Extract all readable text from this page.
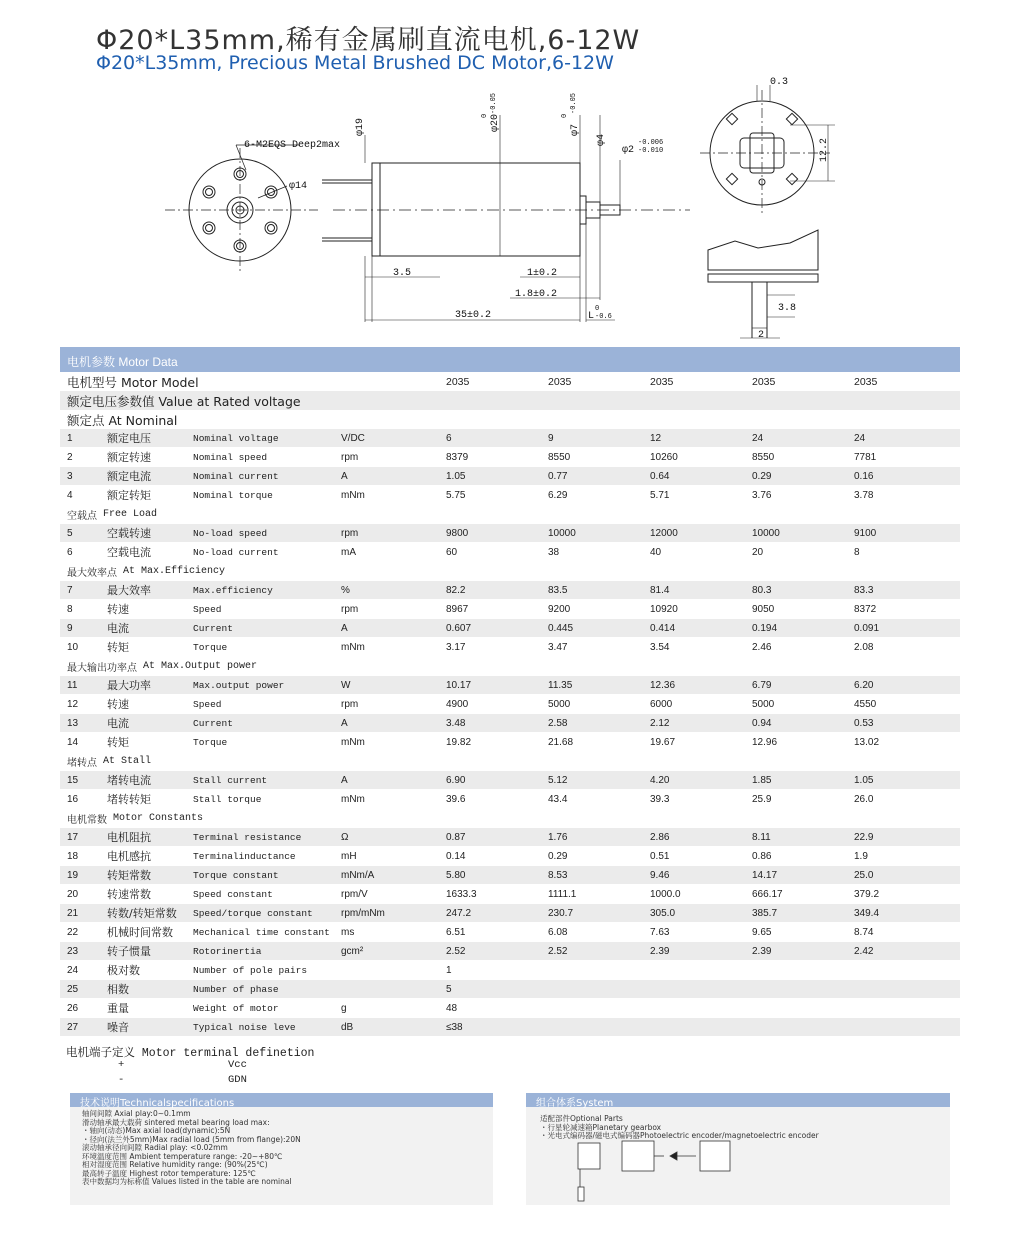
Φ20*L35mm,稀有金属刷直流电机,6-12W
Φ20*L35mm, Precious Metal Brushed DC Motor,6-12W
6-M2EQS Deep2max
φ14
φ19	φ20
0
-0.05
φ7
0
-0.05
φ4
φ2
-0.006
-0.010
3.5	1±0.2
1.8±0.2
35±0.2	L
0
-0.6
0.3
12.2
3.8
2
电机参数 Motor Data
电机型号 Motor Model	2035	2035	2035	2035	2035
额定电压参数值 Value at Rated voltage
额定点 At Nominal
1	额定电压	Nominal voltage	V/DC	6	9	12	24	24
2	额定转速	Nominal speed	rpm	8379	8550	10260	8550	7781
3	额定电流	Nominal current	A	1.05	0.77	0.64	0.29	0.16
4	额定转矩	Nominal torque	mNm	5.75	6.29	5.71	3.76	3.78
空载点 Free Load
5	空载转速	No-load speed	rpm	9800	10000	12000	10000	9100
6	空载电流	No-load current	mA	60	38	40	20	8
最大效率点 At Max.Efficiency
7	最大效率	Max.efficiency	%	82.2	83.5	81.4	80.3	83.3
8	转速	Speed	rpm	8967	9200	10920	9050	8372
9	电流	Current	A	0.607	0.445	0.414	0.194	0.091
10	转矩	Torque	mNm	3.17	3.47	3.54	2.46	2.08
最大输出功率点 At Max.Output power
11	最大功率	Max.output power	W	10.17	11.35	12.36	6.79	6.20
12	转速	Speed	rpm	4900	5000	6000	5000	4550
13	电流	Current	A	3.48	2.58	2.12	0.94	0.53
14	转矩	Torque	mNm	19.82	21.68	19.67	12.96	13.02
堵转点 At Stall
15	堵转电流	Stall current	A	6.90	5.12	4.20	1.85	1.05
16	堵转转矩	Stall torque	mNm	39.6	43.4	39.3	25.9	26.0
电机常数 Motor Constants
17	电机阻抗	Terminal resistance	Ω	0.87	1.76	2.86	8.11	22.9
18	电机感抗	Terminalinductance	mH	0.14	0.29	0.51	0.86	1.9
19	转矩常数	Torque constant	mNm/A	5.80	8.53	9.46	14.17	25.0
20	转速常数	Speed constant	rpm/V	1633.3	1111.1	1000.0	666.17	379.2
21	转数/转矩常数	Speed/torque constant	rpm/mNm	247.2	230.7	305.0	385.7	349.4
22	机械时间常数	Mechanical time constant	ms	6.51	6.08	7.63	9.65	8.74
23	转子惯量	Rotorinertia	gcm²	2.52	2.52	2.39	2.39	2.42
24	极对数	Number of pole pairs	1
25	相数	Number of phase	5
26	重量	Weight of motor	g	48
27	噪音	Typical noise leve	dB	≤38
电机端子定义 Motor terminal definetion
+	Vcc
-	GDN
技术说明Technicalspecifications
轴间间隙 Axial play:0~0.1mm
滑动轴承最大载荷 sintered metal bearing load max:
・轴向(动态)Max axial load(dynamic):5N
・径向(法兰外5mm)Max radial load (5mm from flange):20N
滚动轴承径向间隙 Radial play: <0.02mm
环境温度范围 Ambient temperature range: -20~+80℃
相对湿度范围 Relative humidity range: (90%(25℃)
最高转子温度 Highest rotor temperature: 125℃
表中数据均为标称值 Values listed in the table are nominal
组合体系System
适配部件Optional Parts
・行星轮减速箱Planetary gearbox
・光电式编码器/磁电式编码器Photoelectric encoder/magnetoelectric encoder
